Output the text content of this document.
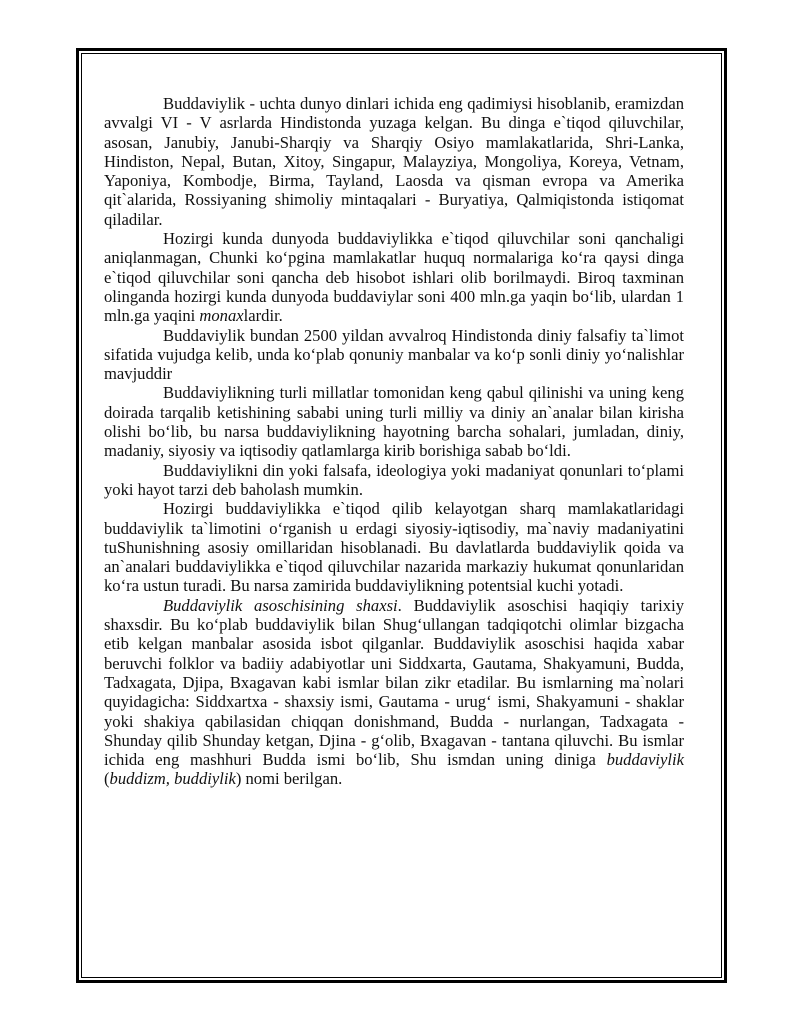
Buddaviylik - uchta dunyo dinlari ichida eng qadimiysi hisoblanib, eramizdan avvalgi VI - V asrlarda Hindistonda yuzaga kelgan. Bu dinga e`tiqod qiluvchilar, asosan, Janubiy, Janubi-Sharqiy va Sharqiy Osiyo mamlakatlarida, Shri-Lanka, Hindiston, Nepal, Butan, Xitoy, Singapur, Malayziya, Mongoliya, Koreya, Vetnam, Yaponiya, Kombodje, Birma, Tayland, Laosda va qisman evropa va Amerika qit`alarida, Rossiyaning shimoliy mintaqalari - Buryatiya, Qalmiqistonda istiqomat qiladilar.

Hozirgi kunda dunyoda buddaviylikka e`tiqod qiluvchilar soni qanchaligi aniqlanmagan, Chunki ko‘pgina mamlakatlar huquq normalariga ko‘ra qaysi dinga e`tiqod qiluvchilar soni qancha deb hisobot ishlari olib borilmaydi. Biroq taxminan olinganda hozirgi kunda dunyoda buddaviylar soni 400 mln.ga yaqin bo‘lib, ulardan 1 mln.ga yaqini monaxlardir.

Buddaviylik bundan 2500 yildan avvalroq Hindistonda diniy falsafiy ta`limot sifatida vujudga kelib, unda ko‘plab qonuniy manbalar va ko‘p sonli diniy yo‘nalishlar mavjuddir

Buddaviylikning turli millatlar tomonidan keng qabul qilinishi va uning keng doirada tarqalib ketishining sababi uning turli milliy va diniy an`analar bilan kirisha olishi bo‘lib, bu narsa buddaviylikning hayotning barcha sohalari, jumladan, diniy, madaniy, siyosiy va iqtisodiy qatlamlarga kirib borishiga sabab bo‘ldi.

Buddaviylikni din yoki falsafa, ideologiya yoki madaniyat qonunlari to‘plami yoki hayot tarzi deb baholash mumkin.

Hozirgi buddaviylikka e`tiqod qilib kelayotgan sharq mamlakatlaridagi buddaviylik ta`limotini o‘rganish u erdagi siyosiy-iqtisodiy, ma`naviy madaniyatini tuShunishning asosiy omillaridan hisoblanadi. Bu davlatlarda buddaviylik qoida va an`analari buddaviylikka e`tiqod qiluvchilar nazarida markaziy hukumat qonunlaridan ko‘ra ustun turadi. Bu narsa zamirida buddaviylikning potentsial kuchi yotadi.

Buddaviylik asoschisining shaxsi. Buddaviylik asoschisi haqiqiy tarixiy shaxsdir. Bu ko‘plab buddaviylik bilan Shug‘ullangan tadqiqotchi olimlar bizgacha etib kelgan manbalar asosida isbot qilganlar. Buddaviylik asoschisi haqida xabar beruvchi folklor va badiiy adabiyotlar uni Siddxarta, Gautama, Shakyamuni, Budda, Tadxagata, Djipa, Bxagavan kabi ismlar bilan zikr etadilar. Bu ismlarning ma`nolari quyidagicha: Siddxartxa - shaxsiy ismi, Gautama - urug‘ ismi, Shakyamuni - shaklar yoki shakiya qabilasidan chiqqan donishmand, Budda - nurlangan, Tadxagata - Shunday qilib Shunday ketgan, Djina - g‘olib, Bxagavan - tantana qiluvchi. Bu ismlar ichida eng mashhuri Budda ismi bo‘lib, Shu ismdan uning diniga buddaviylik (buddizm, buddiylik) nomi berilgan.
